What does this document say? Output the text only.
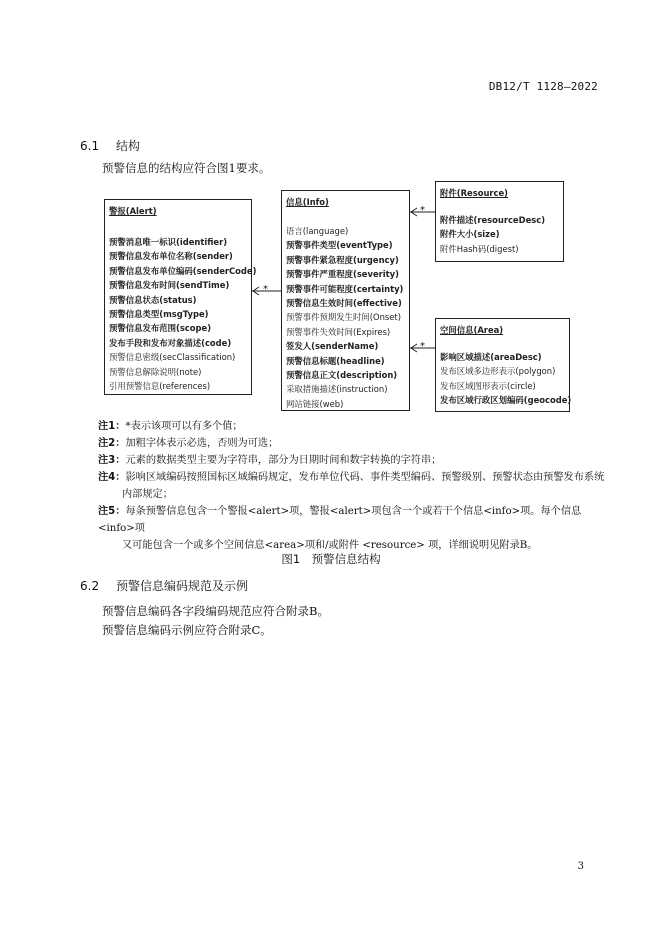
DB12/T 1128—2022
6.1 结构
预警信息的结构应符合图1要求。
警报(Alert)
预警消息唯一标识(identifier)
预警信息发布单位名称(sender)
预警信息发布单位编码(senderCode)
预警信息发布时间(sendTime)
预警信息状态(status)
预警信息类型(msgType)
预警信息发布范围(scope)
发布手段和发布对象描述(code)
预警信息密级(secClassification)
预警信息解除说明(note)
引用预警信息(references)
信息(Info)
语言(language)
预警事件类型(eventType)
预警事件紧急程度(urgency)
预警事件严重程度(severity)
预警事件可能程度(certainty)
预警信息生效时间(effective)
预警事件预期发生时间(Onset)
预警事件失效时间(Expires)
签发人(senderName)
预警信息标题(headline)
预警信息正文(description)
采取措施描述(instruction)
网站链接(web)
附件(Resource)
附件描述(resourceDesc)
附件大小(size)
附件Hash码(digest)
空间信息(Area)
影响区域描述(areaDesc)
发布区域多边形表示(polygon)
发布区域图形表示(circle)
发布区域行政区划编码(geocode)
*
*
*
注1：*表示该项可以有多个值；
注2：加粗字体表示必选，否则为可选；
注3：元素的数据类型主要为字符串，部分为日期时间和数字转换的字符串；
注4：影响区域编码按照国标区域编码规定，发布单位代码、事件类型编码、预警级别、预警状态由预警发布系统
内部规定；
注5：每条预警信息包含一个警报<alert>项，警报<alert>项包含一个或若干个信息<info>项。每个信息<info>项
又可能包含一个或多个空间信息<area>项和/或附件 <resource> 项，详细说明见附录B。
图1　预警信息结构
6.2 预警信息编码规范及示例
预警信息编码各字段编码规范应符合附录B。
预警信息编码示例应符合附录C。
3
